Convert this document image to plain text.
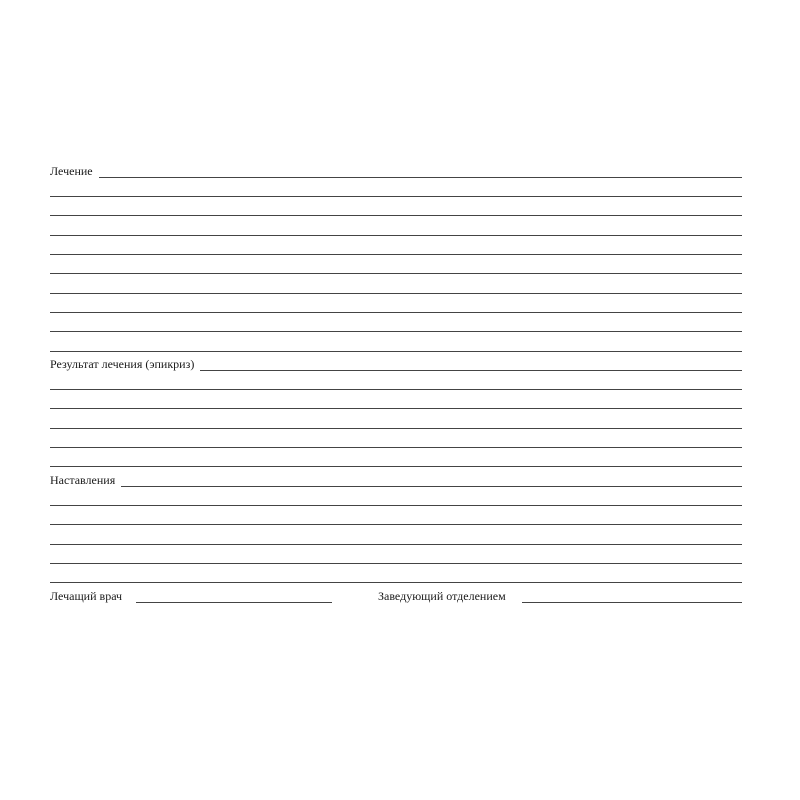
Лечение
Результат лечения (эпикриз)
Наставления
Лечащий врач	Заведующий отделением
